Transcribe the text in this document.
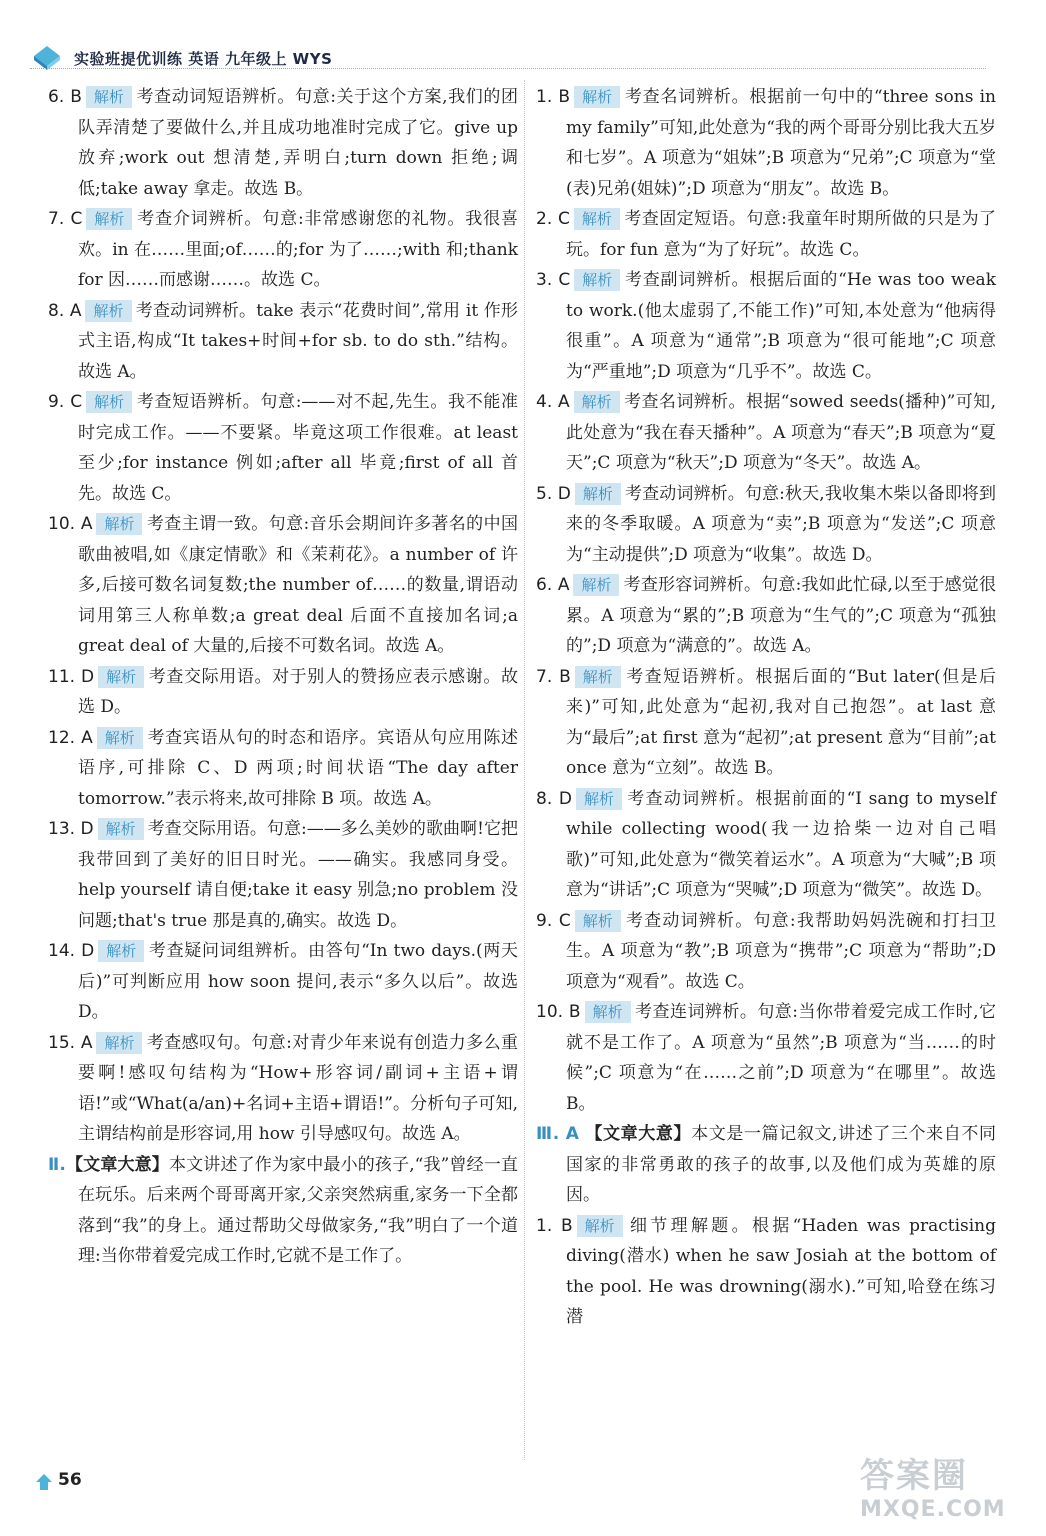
实验班提优训练 英语 九年级上 WYS

6. B 解析 考查动词短语辨析。句意:关于这个方案,我们的团队弄清楚了要做什么,并且成功地准时完成了它。give up 放弃;work out 想清楚,弄明白;turn down 拒绝;调低;take away 拿走。故选 B。

7. C 解析 考查介词辨析。句意:非常感谢您的礼物。我很喜欢。in 在……里面;of……的;for 为了……;with 和;thank for 因……而感谢……。故选 C。

8. A 解析 考查动词辨析。take 表示“花费时间”,常用 it 作形式主语,构成“It takes+时间+for sb. to do sth.”结构。故选 A。

9. C 解析 考查短语辨析。句意:——对不起,先生。我不能准时完成工作。——不要紧。毕竟这项工作很难。at least 至少;for instance 例如;after all 毕竟;first of all 首先。故选 C。

10. A 解析 考查主谓一致。句意:音乐会期间许多著名的中国歌曲被唱,如《康定情歌》和《茉莉花》。a number of 许多,后接可数名词复数;the number of……的数量,谓语动词用第三人称单数;a great deal 后面不直接加名词;a great deal of 大量的,后接不可数名词。故选 A。

11. D 解析 考查交际用语。对于别人的赞扬应表示感谢。故选 D。

12. A 解析 考查宾语从句的时态和语序。宾语从句应用陈述语序,可排除 C、D 两项;时间状语“The day after tomorrow.”表示将来,故可排除 B 项。故选 A。

13. D 解析 考查交际用语。句意:——多么美妙的歌曲啊!它把我带回到了美好的旧日时光。——确实。我感同身受。help yourself 请自便;take it easy 别急;no problem 没问题;that's true 那是真的,确实。故选 D。

14. D 解析 考查疑问词组辨析。由答句“In two days.(两天后)”可判断应用 how soon 提问,表示“多久以后”。故选 D。

15. A 解析 考查感叹句。句意:对青少年来说有创造力多么重要啊!感叹句结构为“How+形容词/副词+主语+谓语!”或“What(a/an)+名词+主语+谓语!”。分析句子可知,主谓结构前是形容词,用 how 引导感叹句。故选 A。

Ⅱ.【文章大意】本文讲述了作为家中最小的孩子,“我”曾经一直在玩乐。后来两个哥哥离开家,父亲突然病重,家务一下全都落到“我”的身上。通过帮助父母做家务,“我”明白了一个道理:当你带着爱完成工作时,它就不是工作了。

1. B 解析 考查名词辨析。根据前一句中的“three sons in my family”可知,此处意为“我的两个哥哥分别比我大五岁和七岁”。A 项意为“姐妹”;B 项意为“兄弟”;C 项意为“堂(表)兄弟(姐妹)”;D 项意为“朋友”。故选 B。

2. C 解析 考查固定短语。句意:我童年时期所做的只是为了玩。for fun 意为“为了好玩”。故选 C。

3. C 解析 考查副词辨析。根据后面的“He was too weak to work.(他太虚弱了,不能工作)”可知,本处意为“他病得很重”。A 项意为“通常”;B 项意为“很可能地”;C 项意为“严重地”;D 项意为“几乎不”。故选 C。

4. A 解析 考查名词辨析。根据“sowed seeds(播种)”可知,此处意为“我在春天播种”。A 项意为“春天”;B 项意为“夏天”;C 项意为“秋天”;D 项意为“冬天”。故选 A。

5. D 解析 考查动词辨析。句意:秋天,我收集木柴以备即将到来的冬季取暖。A 项意为“卖”;B 项意为“发送”;C 项意为“主动提供”;D 项意为“收集”。故选 D。

6. A 解析 考查形容词辨析。句意:我如此忙碌,以至于感觉很累。A 项意为“累的”;B 项意为“生气的”;C 项意为“孤独的”;D 项意为“满意的”。故选 A。

7. B 解析 考查短语辨析。根据后面的“But later(但是后来)”可知,此处意为“起初,我对自己抱怨”。at last 意为“最后”;at first 意为“起初”;at present 意为“目前”;at once 意为“立刻”。故选 B。

8. D 解析 考查动词辨析。根据前面的“I sang to myself while collecting wood(我一边拾柴一边对自己唱歌)”可知,此处意为“微笑着运水”。A 项意为“大喊”;B 项意为“讲话”;C 项意为“哭喊”;D 项意为“微笑”。故选 D。

9. C 解析 考查动词辨析。句意:我帮助妈妈洗碗和打扫卫生。A 项意为“教”;B 项意为“携带”;C 项意为“帮助”;D 项意为“观看”。故选 C。

10. B 解析 考查连词辨析。句意:当你带着爱完成工作时,它就不是工作了。A 项意为“虽然”;B 项意为“当……的时候”;C 项意为“在……之前”;D 项意为“在哪里”。故选 B。

Ⅲ. A 【文章大意】本文是一篇记叙文,讲述了三个来自不同国家的非常勇敢的孩子的故事,以及他们成为英雄的原因。

1. B 解析 细节理解题。根据“Haden was practising diving(潜水) when he saw Josiah at the bottom of the pool. He was drowning(溺水).”可知,哈登在练习潜

56	答案圈
MXQE.COM
